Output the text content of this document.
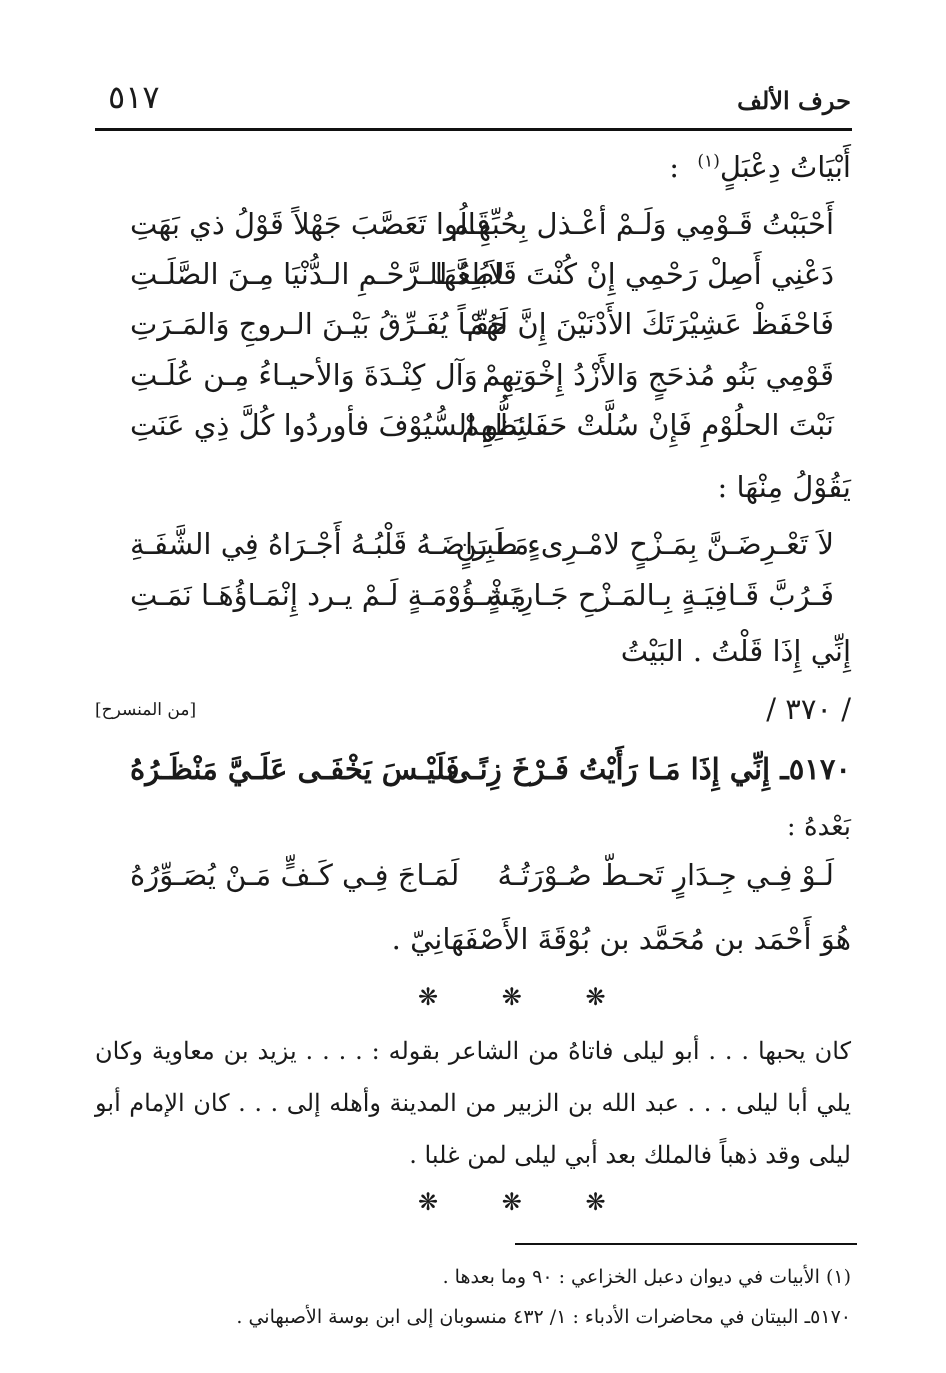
٥١٧	حرف الألف
أَبْيَاتُ دِعْبَلٍ$^{(١)}$  :
أَحْبَبْتُ قَـوْمِي وَلَـمْ أعْـذل بِحُبِّهِـم
قَالُوا تَعَصَّبَ جَهْلاً قَوْلُ ذي بَهَتِ
دَعْنِي أَصِلْ رَحْمِي إِنْ كُنْتَ قَاطِعُهَا
لاَبُـدَّ للـرَّحْـمِ الـدُّنْيَا مِـنَ الصَّلَـتِ
فَاحْفَظْ عَشِيْرَتَكَ الأَدْنَيْنَ إِنَّ لَهُمْ
حَقّـاً يُفَـرِّقُ بَيْـنَ الـروجِ وَالمَـرَتِ
قَوْمِي بَنُو مُذحَجٍ وَالأَزْدُ إِخْوَتِهِمْ
وَآل كِنْـدَةَ وَالأحيـاءُ مِـن عُلَـتِ
نَبْتَ الحلُوْمِ فَإِنْ سُلَّتْ حَفَائِظِهِمْ
سَلُّو السُّيُوْفَ فأوردُوا كُلَّ ذِي عَنَتِ
يَقُوْلُ مِنْهَا :
لاَ تَعْـرِضَـنَّ بِمَـزْحٍ لامْـرِىءٍ طَبِـنٍ
مَـا رَاضَـهُ قَلْبُـهُ أَجْـرَاهُ فِي الشَّفَـةِ
فَـرُبَّ قَـافِيَـةٍ بِـالمَـزْحِ جَـارِيَـةٍ
مَشْـؤُوْمَـةٍ لَـمْ يـرد إِنْمَـاؤُهَـا نَمَـتِ
إِنِّي إِذَا قَلْتُ . البَيْتُ
/ ٣٧٠ /
[من المنسرح]
٥١٧٠ـ إِنِّي إِذَا مَـا رَأَيْتُ فَـرْخَ زِنًـى
فَلَيْـسَ يَخْفَـى عَلَـيَّ مَنْظَـرُهُ
بَعْدهُ :
لَـوْ فِـي جِـدَارٍ تَحـطّ صُـوْرَتُـهُ
لَمَـاجَ فِـي كَـفٍّ مَـنْ يُصَـوِّرُهُ
هُوَ أَحْمَد بن مُحَمَّد بن بُوْقَةَ الأَصْفَهَانِيّ .
❋ ❋ ❋
كان يحبها . . . أبو ليلى فاتاهُ من الشاعر بقوله : . . . . يزيد بن معاوية وكان يلي أبا ليلى . . . عبد الله بن الزبير من المدينة وأهله إلى . . . كان الإمام أبو ليلى وقد ذهباً فالملك بعد أبي ليلى لمن غلبا .
❋ ❋ ❋
(١) الأبيات في ديوان دعبل الخزاعي : ٩٠ وما بعدها .
٥١٧٠ـ البيتان في محاضرات الأدباء : ١/ ٤٣٢ منسوبان إلى ابن بوسة الأصبهاني .
